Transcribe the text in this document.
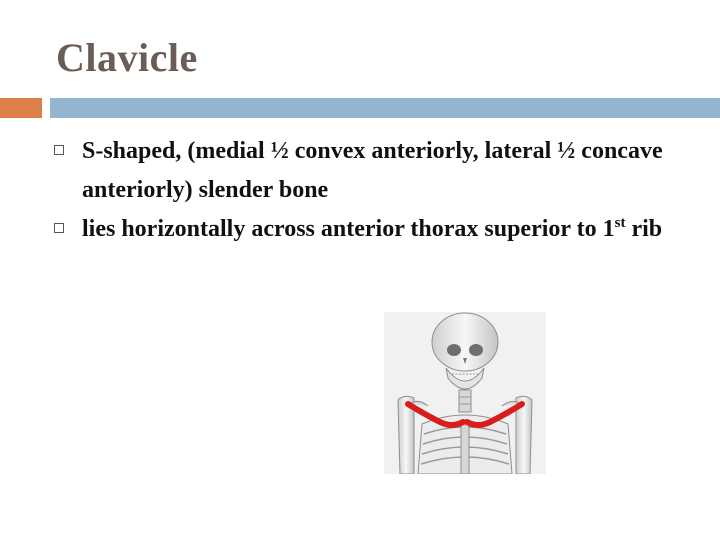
Clavicle
S-shaped, (medial ½ convex anteriorly, lateral ½ concave anteriorly) slender bone
lies horizontally across anterior thorax superior to 1st rib
